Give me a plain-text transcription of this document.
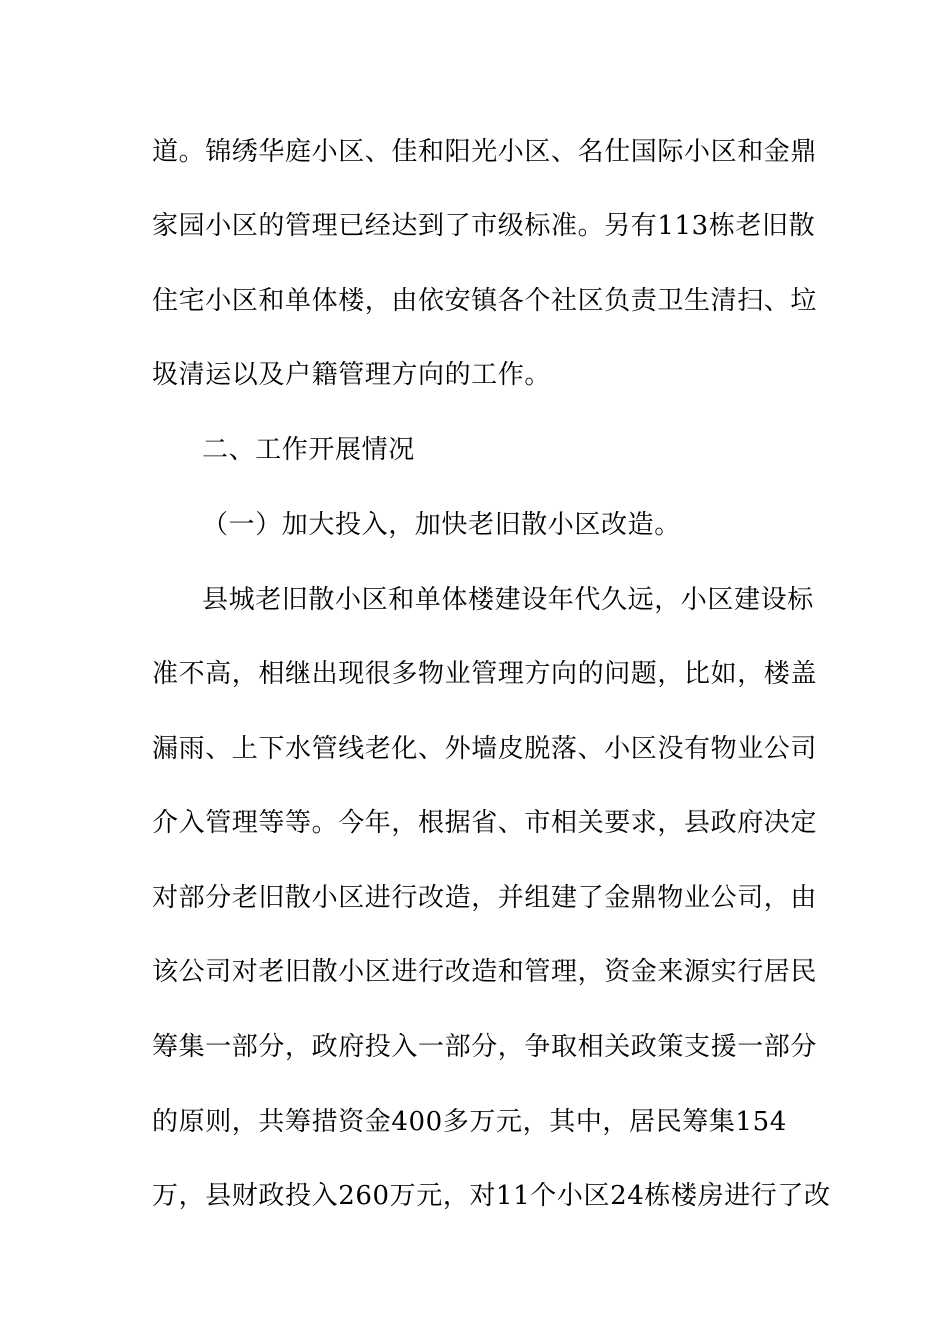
道。锦绣华庭小区、佳和阳光小区、名仕国际小区和金鼎
家园小区的管理已经达到了市级标准。另有113栋老旧散
住宅小区和单体楼，由依安镇各个社区负责卫生清扫、垃
圾清运以及户籍管理方向的工作。
二、工作开展情况
（一）加大投入，加快老旧散小区改造。
县城老旧散小区和单体楼建设年代久远，小区建设标
准不高，相继出现很多物业管理方向的问题，比如，楼盖
漏雨、上下水管线老化、外墙皮脱落、小区没有物业公司
介入管理等等。今年，根据省、市相关要求，县政府决定
对部分老旧散小区进行改造，并组建了金鼎物业公司，由
该公司对老旧散小区进行改造和管理，资金来源实行居民
筹集一部分，政府投入一部分，争取相关政策支援一部分
的原则，共筹措资金400多万元，其中，居民筹集154
万，县财政投入260万元，对11个小区24栋楼房进行了改
